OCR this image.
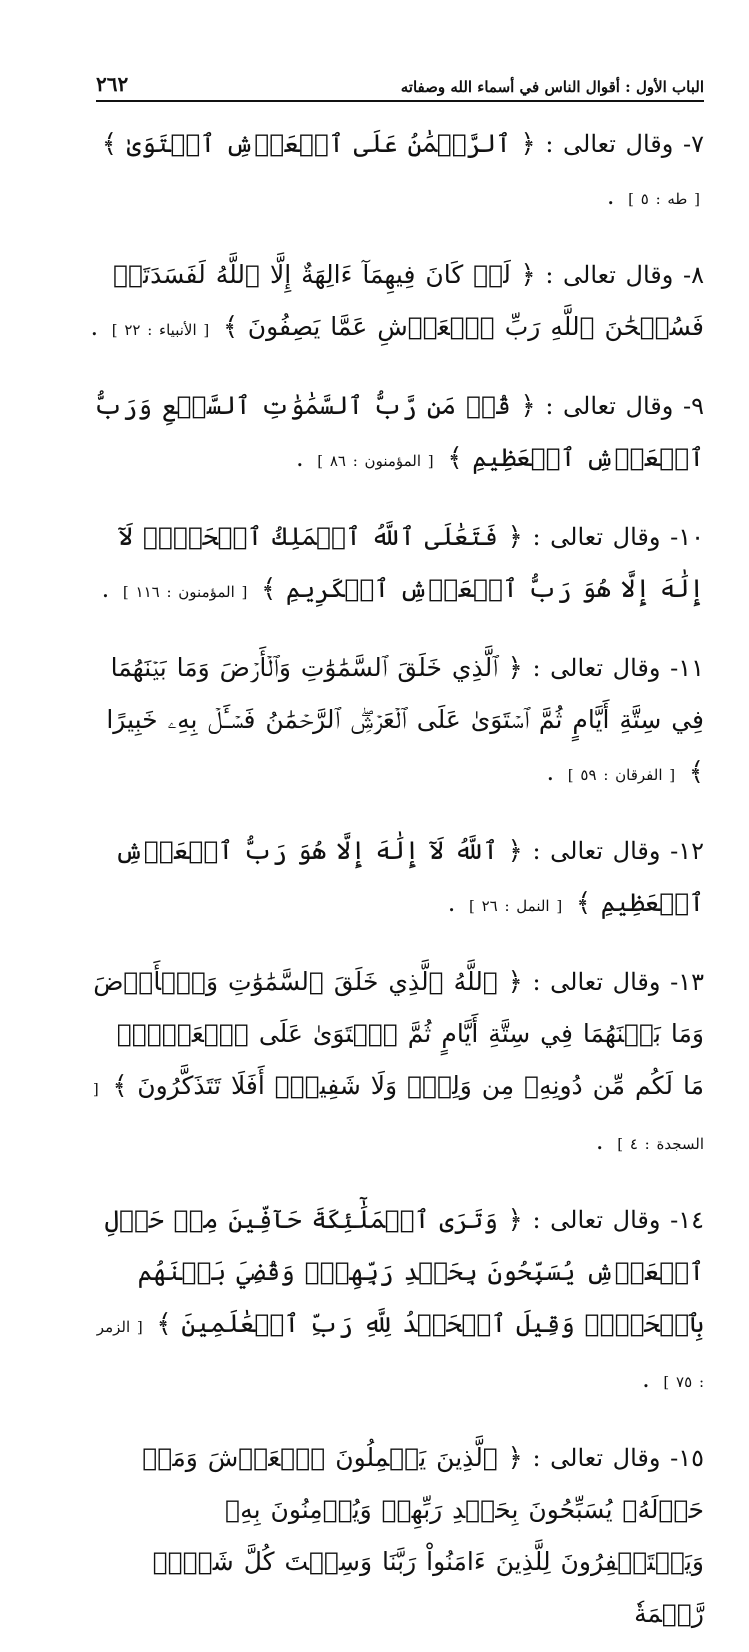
الباب الأول : أقوال الناس في أسماء الله وصفاته
٢٦٢

٧- وقال تعالى : ﴿ ٱلرَّحۡمَٰنُ عَلَى ٱلۡعَرۡشِ ٱسۡتَوَىٰ ﴾ [ طه : ٥ ] .

٨- وقال تعالى : ﴿ لَوۡ كَانَ فِيهِمَآ ءَالِهَةٌ إِلَّا ٱللَّهُ لَفَسَدَتَاۚ فَسُبۡحَٰنَ ٱللَّهِ رَبِّ ٱلۡعَرۡشِ عَمَّا يَصِفُونَ ﴾ [ الأنبياء : ٢٢ ] .

٩- وقال تعالى : ﴿ قُلۡ مَن رَّبُّ ٱلسَّمَٰوَٰتِ ٱلسَّبۡعِ وَرَبُّ ٱلۡعَرۡشِ ٱلۡعَظِيمِ ﴾ [ المؤمنون : ٨٦ ] .

١٠- وقال تعالى : ﴿ فَتَعَٰلَى ٱللَّهُ ٱلۡمَلِكُ ٱلۡحَقُّۖ لَآ إِلَٰهَ إِلَّا هُوَ رَبُّ ٱلۡعَرۡشِ ٱلۡكَرِيمِ ﴾ [ المؤمنون : ١١٦ ] .

١١- وقال تعالى : ﴿ ٱلَّذِي خَلَقَ ٱلسَّمَٰوَٰتِ وَٱلۡأَرۡضَ وَمَا بَيۡنَهُمَا فِي سِتَّةِ أَيَّامٍ ثُمَّ ٱسۡتَوَىٰ عَلَى ٱلۡعَرۡشِۖ ٱلرَّحۡمَٰنُ فَسۡـَٔلۡ بِهِۦ خَبِيرًا ﴾ [ الفرقان : ٥٩ ] .

١٢- وقال تعالى : ﴿ ٱللَّهُ لَآ إِلَٰهَ إِلَّا هُوَ رَبُّ ٱلۡعَرۡشِ ٱلۡعَظِيمِ ﴾ [ النمل : ٢٦ ] .

١٣- وقال تعالى : ﴿ ٱللَّهُ ٱلَّذِي خَلَقَ ٱلسَّمَٰوَٰتِ وَٱلۡأَرۡضَ وَمَا بَيۡنَهُمَا فِي سِتَّةِ أَيَّامٍ ثُمَّ ٱسۡتَوَىٰ عَلَى ٱلۡعَرۡشِۖ مَا لَكُم مِّن دُونِهِۦ مِن وَلِيّٖ وَلَا شَفِيعٍۚ أَفَلَا تَتَذَكَّرُونَ ﴾ [ السجدة : ٤ ] .

١٤- وقال تعالى : ﴿ وَتَرَى ٱلۡمَلَٰٓئِكَةَ حَآفِّينَ مِنۡ حَوۡلِ ٱلۡعَرۡشِ يُسَبِّحُونَ بِحَمۡدِ رَبِّهِمۡۖ وَقُضِيَ بَيۡنَهُم بِٱلۡحَقِّۚ وَقِيلَ ٱلۡحَمۡدُ لِلَّهِ رَبِّ ٱلۡعَٰلَمِينَ ﴾ [ الزمر : ٧٥ ] .

١٥- وقال تعالى : ﴿ ٱلَّذِينَ يَحۡمِلُونَ ٱلۡعَرۡشَ وَمَنۡ حَوۡلَهُۥ يُسَبِّحُونَ بِحَمۡدِ رَبِّهِمۡ وَيُؤۡمِنُونَ بِهِۦ وَيَسۡتَغۡفِرُونَ لِلَّذِينَ ءَامَنُواْ رَبَّنَا وَسِعۡتَ كُلَّ شَيۡءٖ رَّحۡمَةٗ
